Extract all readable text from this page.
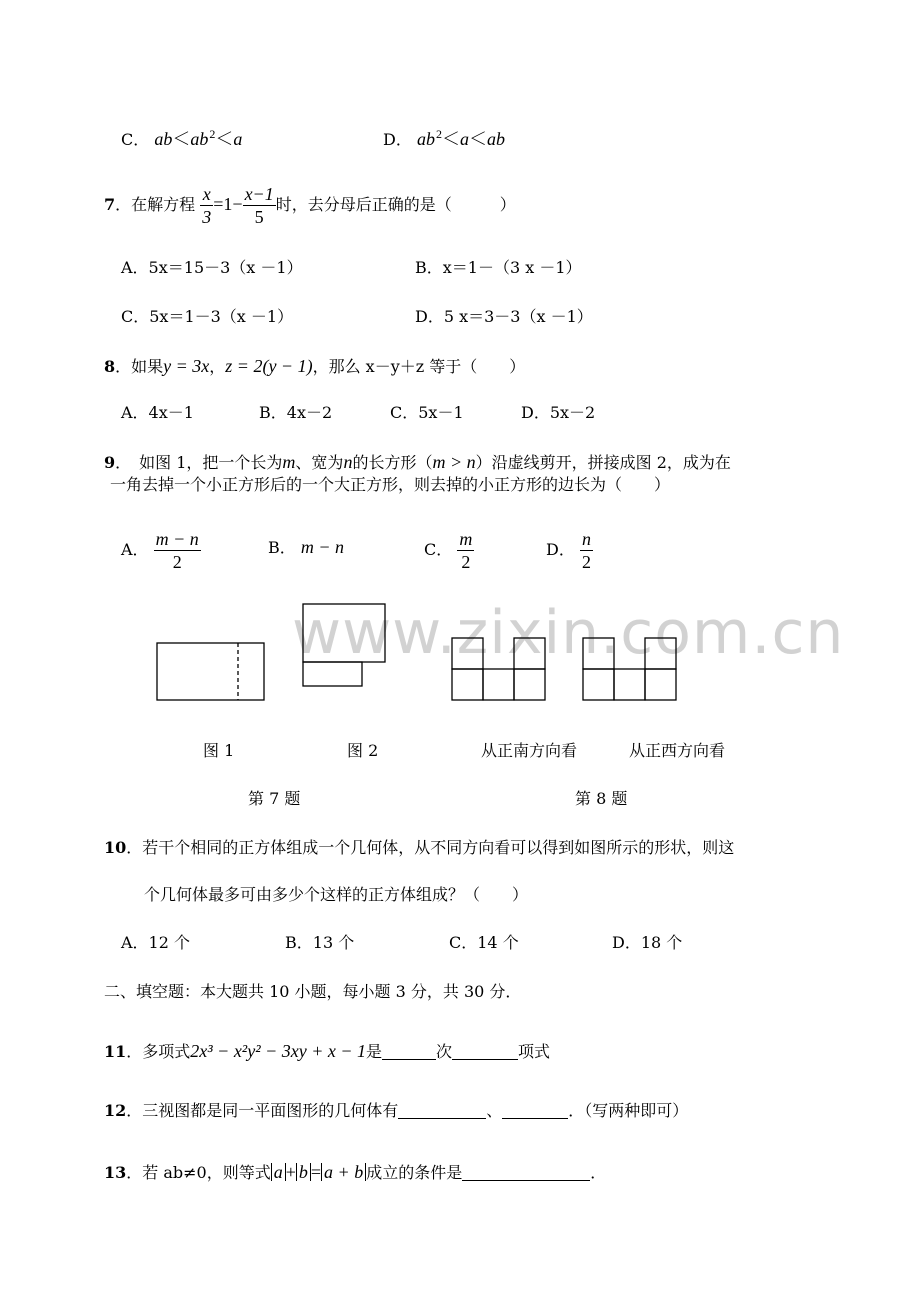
C． $ab<ab^2<a$	D． $ab^2<a<ab$
7．在解方程 $\frac{x}{3} =1- \frac{x-1}{5}$ 时，去分母后正确的是（　　　）
A．5x＝15－3（x －1）	B．x＝1－（3 x －1）
C．5x＝1－3（x －1）	D．5 x＝3－3（x －1）
8．如果y = 3x，z = 2(y − 1)，那么 x－y＋z 等于（　　）
A．4x－1	B．4x－2	C．5x－1	D．5x－2
9．　如图 1，把一个长为m、宽为n的长方形（m > n）沿虚线剪开，拼接成图 2，成为在
一角去掉一个小正方形后的一个大正方形，则去掉的小正方形的边长为（　　）
A． $\frac{m - n}{2}$	B． m − n	C． $\frac{m}{2}$	D． $\frac{n}{2}$
www.zixin.com.cn
图 1	图 2	从正南方向看	从正西方向看
第 7 题	第 8 题
10．若干个相同的正方体组成一个几何体，从不同方向看可以得到如图所示的形状，则这
个几何体最多可由多少个这样的正方体组成？（　　）
A．12 个	B．13 个	C．14 个	D．18 个
二、填空题：本大题共 10 小题，每小题 3 分，共 30 分．
11．多项式2x³ − x²y² − 3xy + x − 1是	次	项式
12．三视图都是同一平面图形的几何体有	、	．（写两种即可）
13．若 ab≠0，则等式 a + b = a + b 成立的条件是	．
